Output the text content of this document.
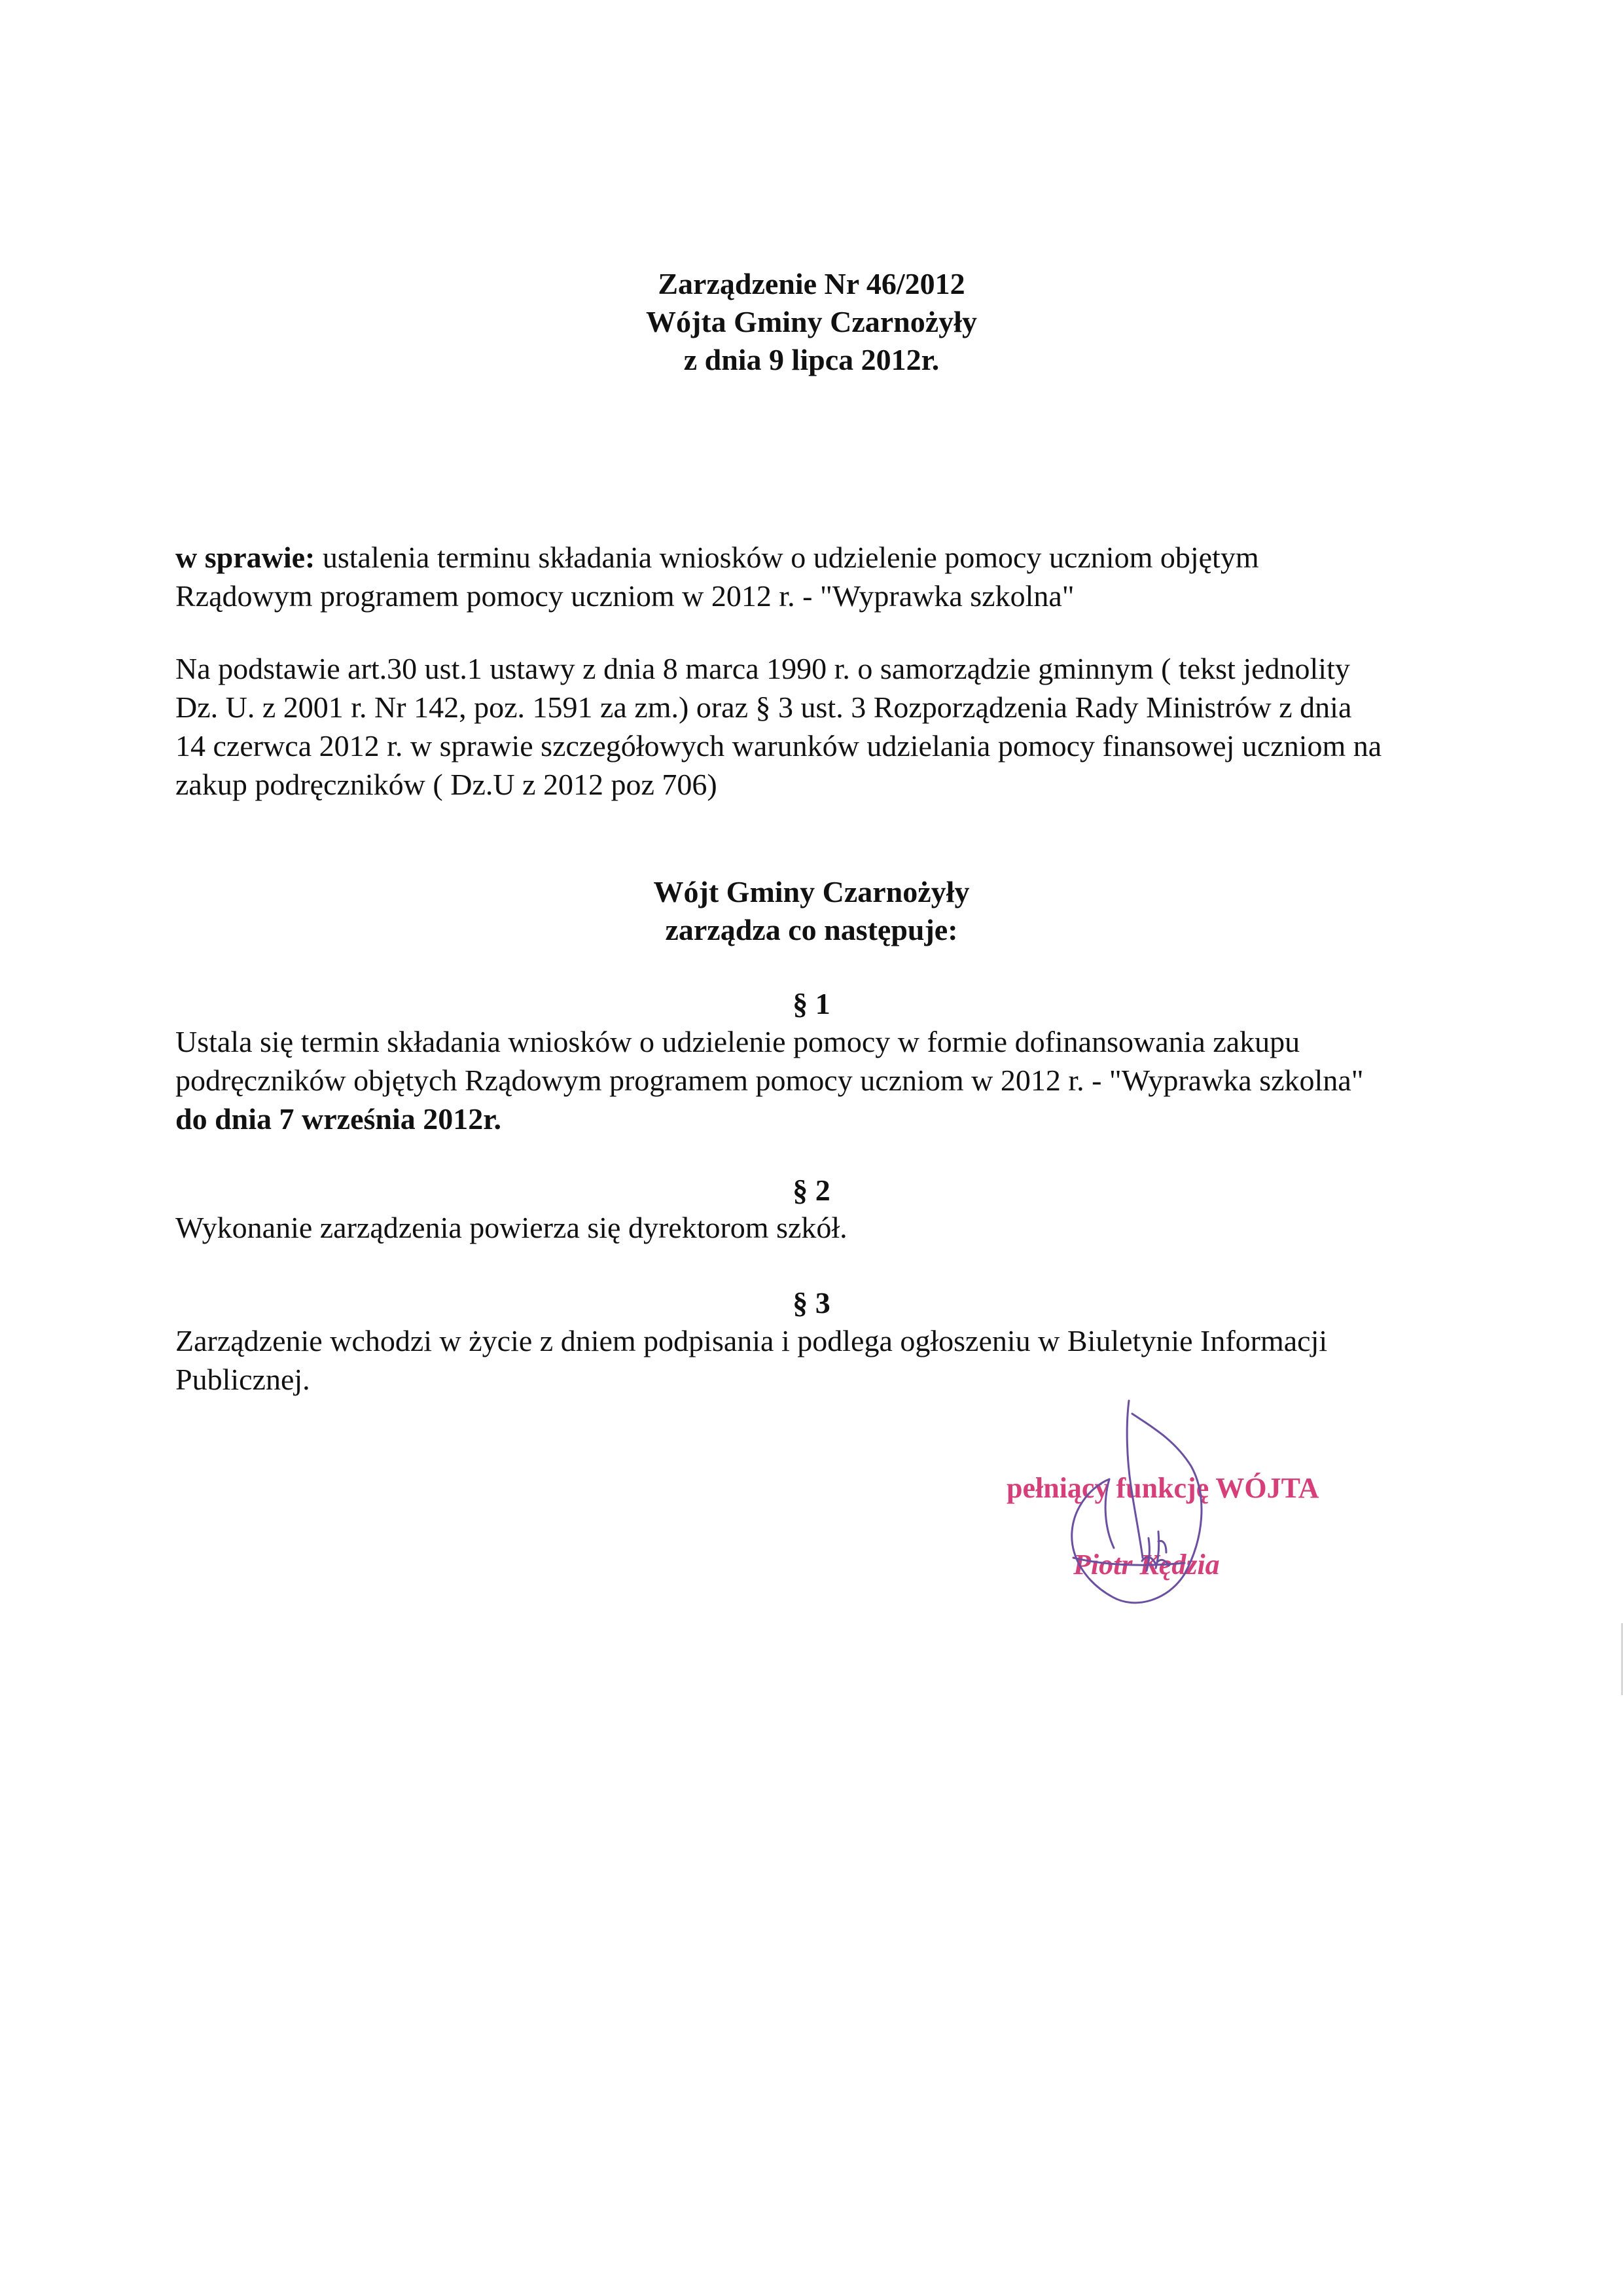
Zarządzenie Nr 46/2012
Wójta Gminy Czarnożyły
z dnia 9 lipca 2012r.
w sprawie: ustalenia terminu składania wniosków o udzielenie pomocy uczniom objętym
Rządowym programem pomocy uczniom w 2012 r. - "Wyprawka szkolna"
Na podstawie art.30 ust.1 ustawy z dnia 8 marca 1990 r. o samorządzie gminnym ( tekst jednolity
Dz. U. z 2001 r. Nr 142, poz. 1591 za zm.) oraz § 3 ust. 3 Rozporządzenia Rady Ministrów z dnia
14 czerwca 2012 r. w sprawie szczegółowych warunków udzielania pomocy finansowej uczniom na
zakup podręczników ( Dz.U z 2012 poz 706)
Wójt Gminy Czarnożyły
zarządza co następuje:
§ 1
Ustala się termin składania wniosków o udzielenie pomocy w formie dofinansowania zakupu
podręczników objętych Rządowym programem pomocy uczniom w 2012 r. - "Wyprawka szkolna"
do dnia 7 września 2012r.
§ 2
Wykonanie zarządzenia powierza się dyrektorom szkół.
§ 3
Zarządzenie wchodzi w życie z dniem podpisania i podlega ogłoszeniu w Biuletynie Informacji
Publicznej.
pełniący funkcję WÓJTA
Piotr Kędzia
